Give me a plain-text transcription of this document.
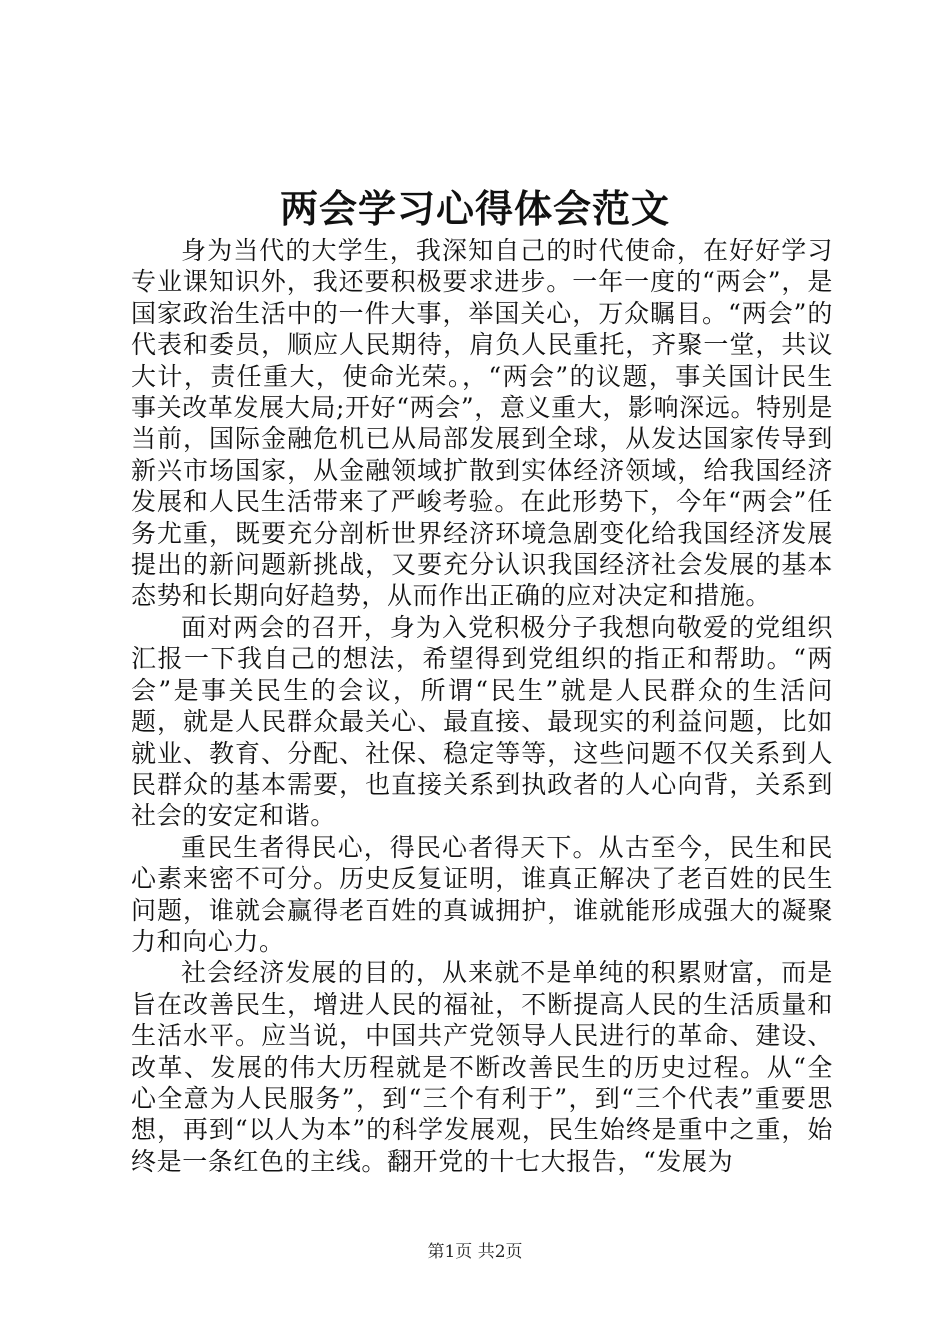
两会学习心得体会范文

身为当代的大学生，我深知自己的时代使命，在好好学习专业课知识外，我还要积极要求进步。一年一度的“两会”，是国家政治生活中的一件大事，举国关心，万众瞩目。“两会”的代表和委员，顺应人民期待，肩负人民重托，齐聚一堂，共议大计，责任重大，使命光荣。，“两会”的议题，事关国计民生事关改革发展大局;开好“两会”，意义重大，影响深远。特别是当前，国际金融危机已从局部发展到全球，从发达国家传导到新兴市场国家，从金融领域扩散到实体经济领域，给我国经济发展和人民生活带来了严峻考验。在此形势下，今年“两会”任务尤重，既要充分剖析世界经济环境急剧变化给我国经济发展提出的新问题新挑战，又要充分认识我国经济社会发展的基本态势和长期向好趋势，从而作出正确的应对决定和措施。

面对两会的召开，身为入党积极分子我想向敬爱的党组织汇报一下我自己的想法，希望得到党组织的指正和帮助。“两会”是事关民生的会议，所谓“民生”就是人民群众的生活问题，就是人民群众最关心、最直接、最现实的利益问题，比如就业、教育、分配、社保、稳定等等，这些问题不仅关系到人民群众的基本需要，也直接关系到执政者的人心向背，关系到社会的安定和谐。

重民生者得民心，得民心者得天下。从古至今，民生和民心素来密不可分。历史反复证明，谁真正解决了老百姓的民生问题，谁就会赢得老百姓的真诚拥护，谁就能形成强大的凝聚力和向心力。

社会经济发展的目的，从来就不是单纯的积累财富，而是旨在改善民生，增进人民的福祉，不断提高人民的生活质量和生活水平。应当说，中国共产党领导人民进行的革命、建设、改革、发展的伟大历程就是不断改善民生的历史过程。从“全心全意为人民服务”，到“三个有利于”，到“三个代表”重要思想，再到“以人为本”的科学发展观，民生始终是重中之重，始终是一条红色的主线。翻开党的十七大报告，“发展为

第1页 共2页
